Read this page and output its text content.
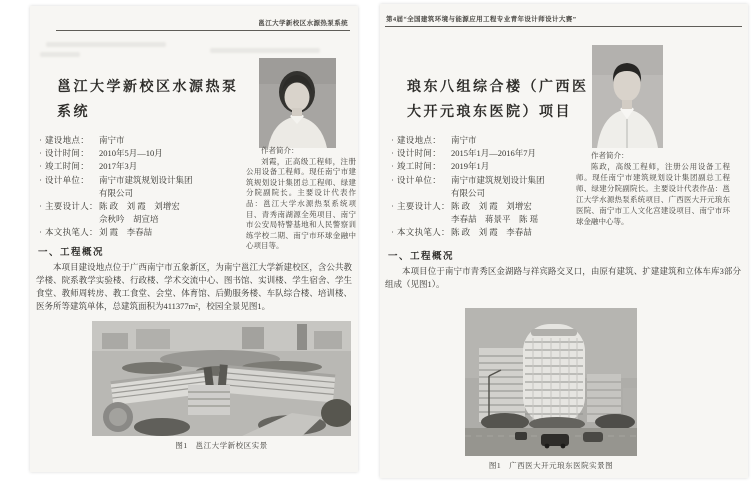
邕江大学新校区水源热泵系统
邕江大学新校区水源热泵
系统
· 建设地点：	南宁市
· 设计时间：	2010年5月—10月
· 竣工时间：	2017年3月
· 设计单位：	南宁市建筑规划设计集团
有限公司
· 主要设计人： 陈 政　刘 霞　刘增宏
佘秋吟　胡宣培
· 本文执笔人： 刘 霞　李春喆
作者简介：
刘霞，正高级工程师，注册公用设备工程师。现任南宁市建筑规划设计集团总工程师、绿建分院副院长。主要设计代表作品：邕江大学水源热泵系统项目、青秀南湖源全苑项目、南宁市公安局特警基地和人民警察训练学校二期、南宁市环球金融中心项目等。
一、工程概况

本项目建设地点位于广西南宁市五象新区，为南宁邕江大学新建校区，含公共教学楼、院系教学实验楼、行政楼、学术交流中心、图书馆、实训楼、学生宿舍、学生食堂、教师周转房、教工食堂、会堂、体育馆、后勤服务楼、车队综合楼、培训楼、医务所等建筑单体，总建筑面积为411377m²，校园全景见图1。

图1　邕江大学新校区实景
第4届“全国建筑环境与能源应用工程专业青年设计师设计大赛”
琅东八组综合楼（广西医
大开元琅东医院）项目
· 建设地点：	南宁市
· 设计时间：	2015年1月—2016年7月
· 竣工时间：	2019年1月
· 设计单位：	南宁市建筑规划设计集团
有限公司
· 主要设计人： 陈 政　刘 霞　刘增宏
李春喆　蒋景平　陈 瑶
· 本文执笔人： 陈 政　刘 霞　李春喆
作者简介：
陈政，高级工程师，注册公用设备工程师。现任南宁市建筑规划设计集团副总工程师、绿建分院副院长。主要设计代表作品：邕江大学水源热泵系统项目、广西医大开元琅东医院、南宁市工人文化宫建设项目、南宁市环球金融中心等。
一、工程概况

本项目位于南宁市青秀区金湖路与祥宾路交叉口，由原有建筑、扩建建筑和立体车库3部分组成（见图1）。

图1　广西医大开元琅东医院实景图
